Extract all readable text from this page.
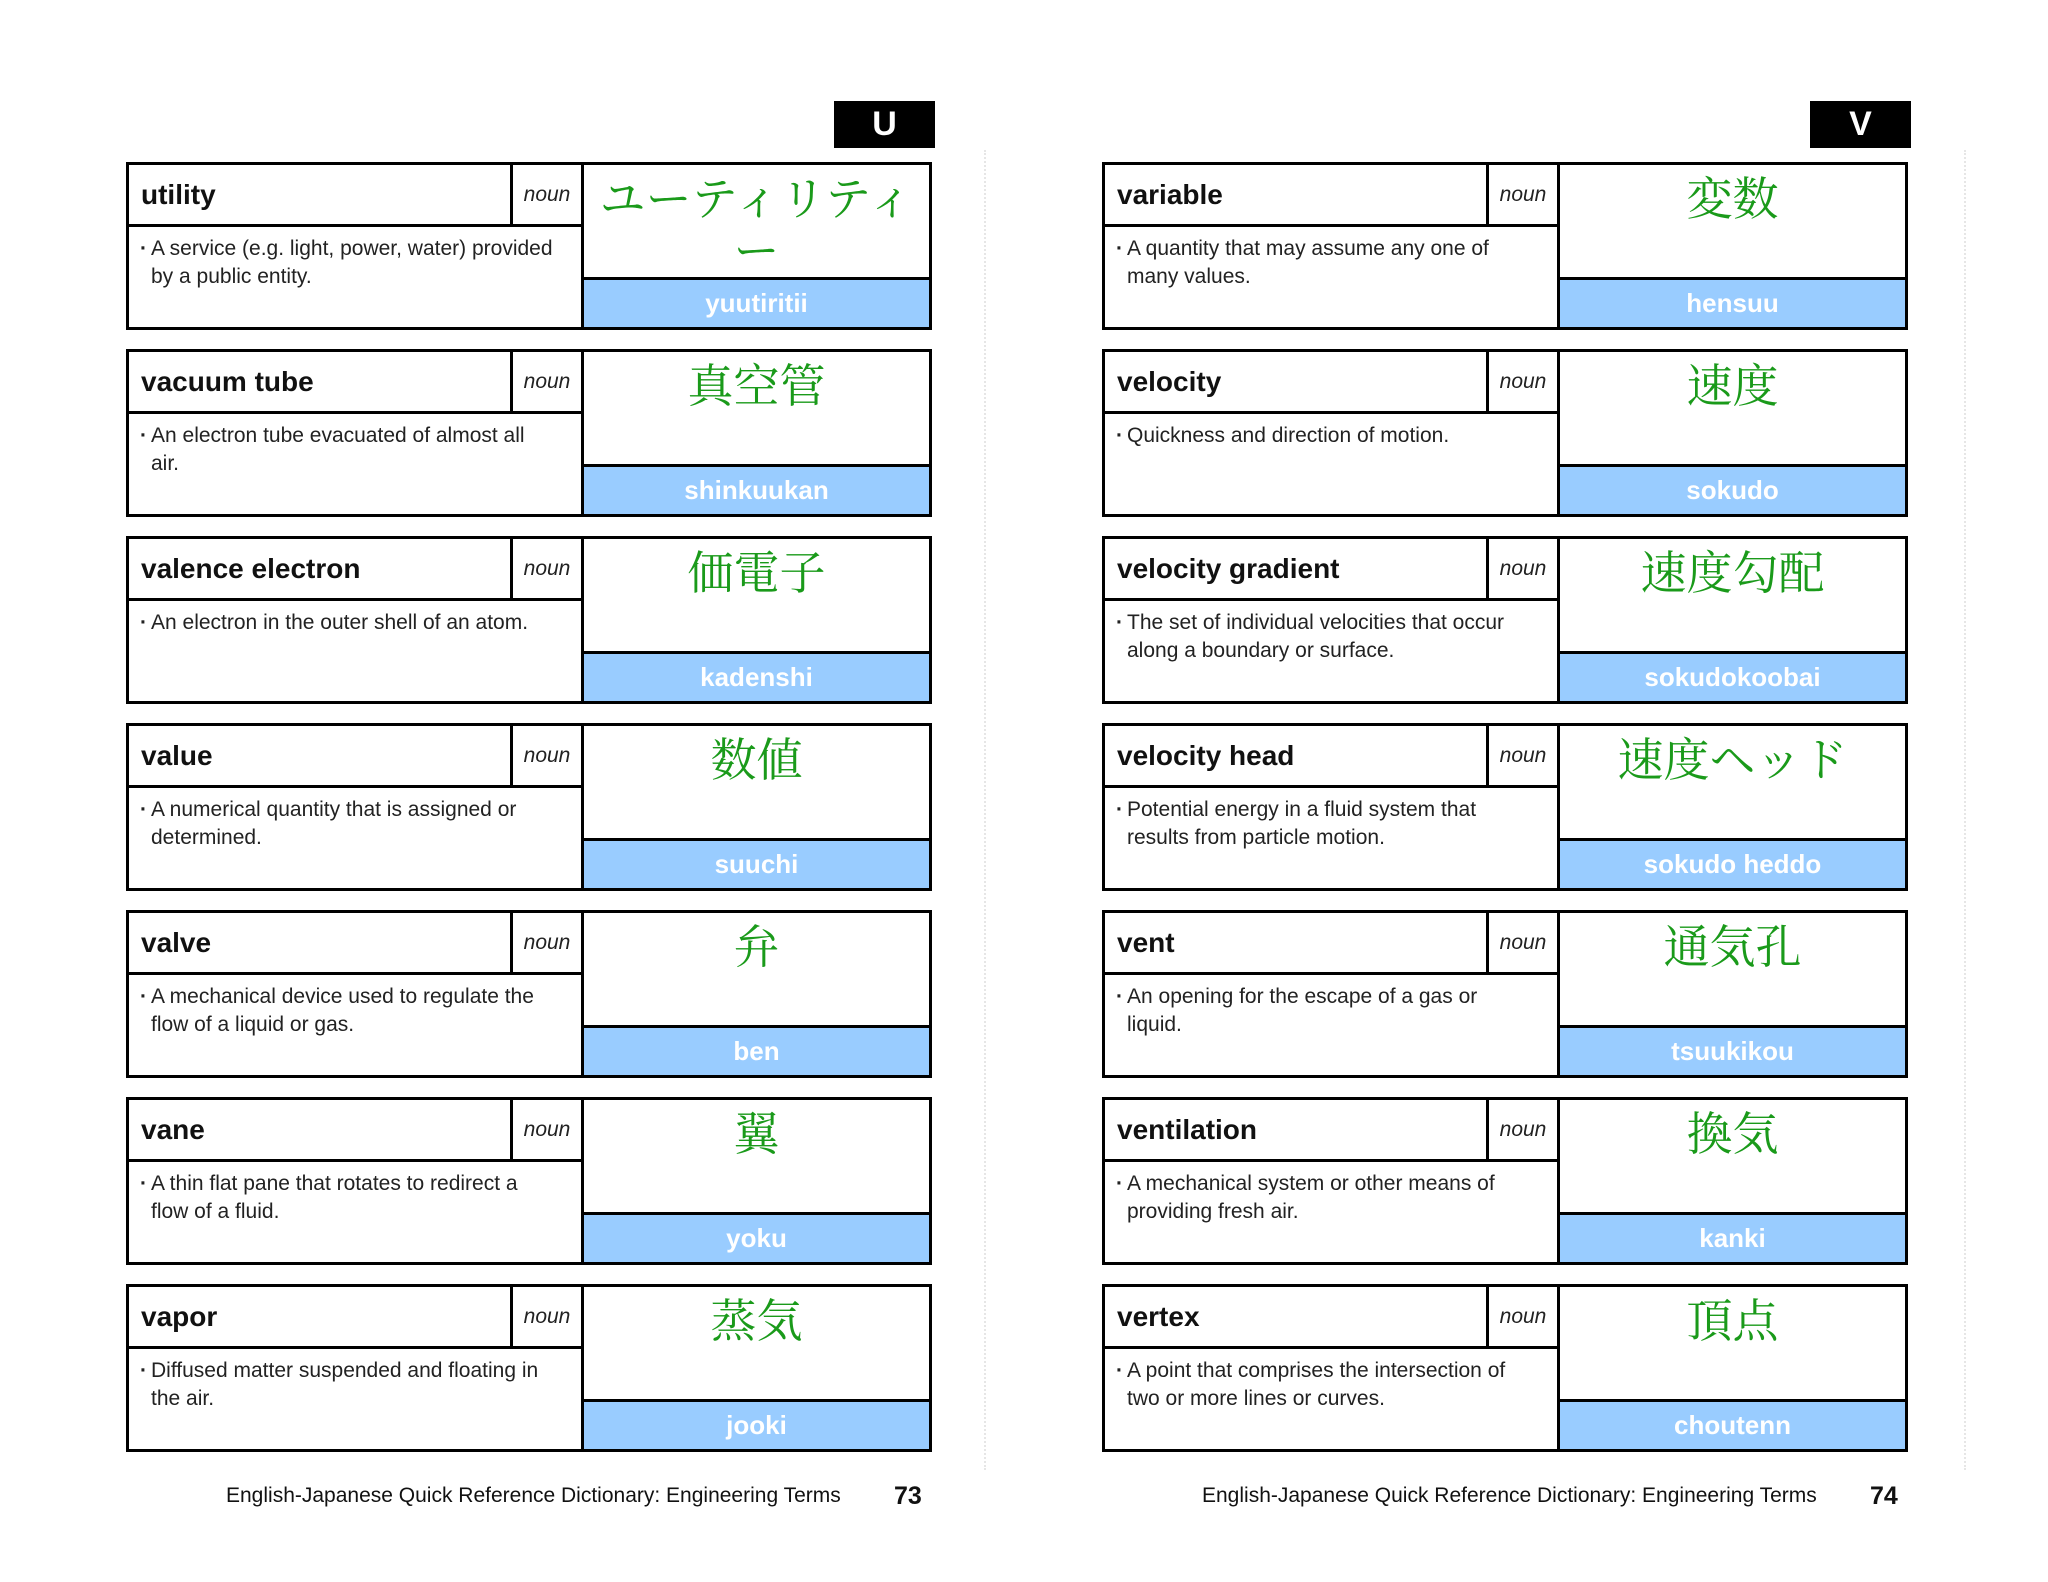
U
utility	noun
· A service (e.g. light, power, water) provided by a public entity.
ユーティリティー
yuutiritii
vacuum tube	noun
· An electron tube evacuated of almost all air.
真空管
shinkuukan
valence electron	noun
· An electron in the outer shell of an atom.
価電子
kadenshi
value	noun
· A numerical quantity that is assigned or determined.
数値
suuchi
valve	noun
· A mechanical device used to regulate the flow of a liquid or gas.
弁
ben
vane	noun
· A thin flat pane that rotates to redirect a flow of a fluid.
翼
yoku
vapor	noun
· Diffused matter suspended and floating in the air.
蒸気
jooki
English-Japanese Quick Reference Dictionary: Engineering Terms 73
V
variable	noun
· A quantity that may assume any one of many values.
変数
hensuu
velocity	noun
· Quickness and direction of motion.
速度
sokudo
velocity gradient	noun
· The set of individual velocities that occur along a boundary or surface.
速度勾配
sokudokoobai
velocity head	noun
· Potential energy in a fluid system that results from particle motion.
速度ヘッド
sokudo heddo
vent	noun
· An opening for the escape of a gas or liquid.
通気孔
tsuukikou
ventilation	noun
· A mechanical system or other means of providing fresh air.
換気
kanki
vertex	noun
· A point that comprises the intersection of two or more lines or curves.
頂点
choutenn
English-Japanese Quick Reference Dictionary: Engineering Terms 74
